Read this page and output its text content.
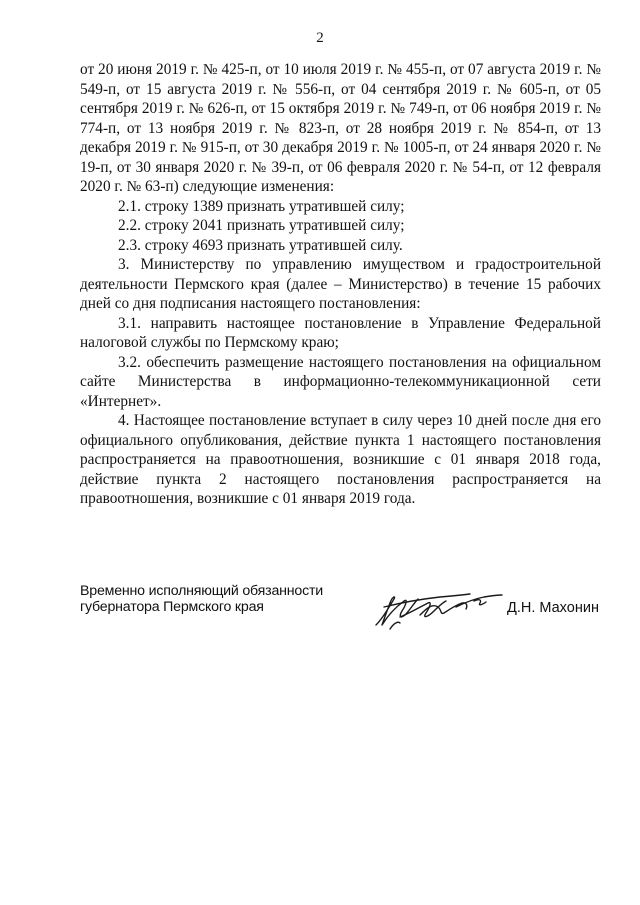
2

от 20 июня 2019 г. № 425-п, от 10 июля 2019 г. № 455-п, от 07 августа 2019 г. № 549-п, от 15 августа 2019 г. № 556-п, от 04 сентября 2019 г. № 605-п, от 05 сентября 2019 г. № 626-п, от 15 октября 2019 г. № 749-п, от 06 ноября 2019 г. № 774-п, от 13 ноября 2019 г. № 823-п, от 28 ноября 2019 г. № 854-п, от 13 декабря 2019 г. № 915-п, от 30 декабря 2019 г. № 1005-п, от 24 января 2020 г. № 19-п, от 30 января 2020 г. № 39-п, от 06 февраля 2020 г. № 54-п, от 12 февраля 2020 г. № 63-п) следующие изменения:

2.1. строку 1389 признать утратившей силу;

2.2. строку 2041 признать утратившей силу;

2.3. строку 4693 признать утратившей силу.

3. Министерству по управлению имуществом и градостроительной деятельности Пермского края (далее – Министерство) в течение 15 рабочих дней со дня подписания настоящего постановления:

3.1. направить настоящее постановление в Управление Федеральной налоговой службы по Пермскому краю;

3.2. обеспечить размещение настоящего постановления на официальном сайте Министерства в информационно-телекоммуникационной сети «Интернет».

4. Настоящее постановление вступает в силу через 10 дней после дня его официального опубликования, действие пункта 1 настоящего постановления распространяется на правоотношения, возникшие с 01 января 2018 года, действие пункта 2 настоящего постановления распространяется на правоотношения, возникшие с 01 января 2019 года.

Временно исполняющий обязанности
губернатора Пермского края	Д.Н. Махонин
